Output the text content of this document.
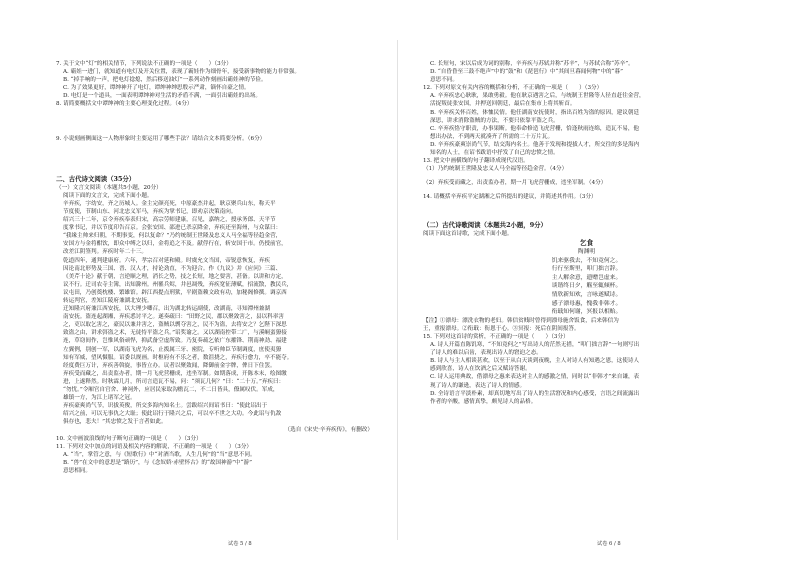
7. 关于文中“灯”的相关情节，下列说法不正确的一项是（　　）（3分）
A. 霸娃一进门，就知道有电灯及开关位置，表现了霸娃作为细骨年，接受新事物的能力非常强。
B. “掉手响的一声，把电灯捻熄，然后移送油灯”一系列动作刻画出霸娃神的节俭。
C. 为了效果更好，谭绅神开了电灯，谭绅神绅思殷示严肃，镝怀自豪之情。
D. 电灯是一个道具，一面表明谭绅神对生活的矛盾不满，一面引出霸娃的出场。
8. 请简要概括文中谭绅神的主要心理变化过程。（4分）
9. 小说刻画侧面这一人物形象时主要运用了哪些手法？请结合文本简要分析。（6分）
二、古代诗文阅读（35分）
（一）文言文阅读（本题共5小题，20分）
阅读下面的文言文，完成下面小题。
辛弃疾，字幼安，齐之历城人。金主完颜亮死，中原豪杰并起，耿京聚兵山东，称天平
节度使，节制山东、河北忠义军马，弃疾为掌书记，即劝京决策南向。
绍兴三十二年，京令弃疾奉表归宋，高宗劳师建康，召见，嘉纳之，授承务郎、天平节
度掌书记，并以节度印告召京。会张安国、邵进已杀京降金，弃疾还至海州，与众谋曰：
“我缘主帅来归朝，不期事变，何以复命？”乃约统制王世隆及忠义人马全福等径趋金营，
安国方与金将酣饮，即众中缚之以归，金将追之不及。献俘行在，斩安国于市。仍授前官，
改差江阴签判。弃疾时年二十三。
乾道四年，通判建康府。六年，孝宗召对延和殿。时虞允文当国，帝锐意恢复，弃疾
因论南北形势及三国、晋、汉人才，持论劲直，不为迎合。作《九议》并《应问》三篇、
《美芹十论》献于朝，言逆顺之理，消长之势，技之长短，地之要害，甚备。以讲和方定，
议不行。迁司农寺主簿，出知滁州。州罹兵烬，井邑凋残，弃疾宽征薄赋，招流散，教民兵，
议屯田，乃创奠枕楼、繁雄馆。辟江西提点刑狱，平剧盗赖文政有功，加秘阁修撰。调京西
转运判官，差知江陵府兼湖北安抚。
迁知隆兴府兼江西安抚，以大理少卿召，出为湖北转运副使，改湖南，寻知潭州兼湖
南安抚。盗连起湖湘，弃疾悉讨平之。遂奏疏曰：“田野之民，郡以聚敛害之，县以科率害
之，吏以取乞害之，豪民以兼并害之，盗贼以剽夺害之，民不为盗，去将安之？乞陛下深思
致盗之由，讲求弭盗之术，无徒恃平盗之兵。”诏奖谕之。又以湖南控带二广，与溪峒蛮獠接
连，草窃间作，岂惟风俗顽悍，抑武备空虚所致。乃复奏疏乞依广东摧锋、荆南神劲、福建
左翼例，别创一军，以湖南飞虎为名，止拨属三牙、密院，专听帅臣节制调度，庶使夷獠
知有军威，望风慑服。诏委以规画。时枢府有不乐之者，数沮挠之，弃疾行愈力，卒不能夺。
经度费巨万计，弃疾善斡旋，事皆立办。议者以聚敛闻，降御前金字牌，俾日下住罢。
弃疾受而藏之，出责监办者，期一月飞虎营栅成，违坐军制。如期落成，开陈本末，绘图缴
进，上遂释然。时秋霖几月，所司言造瓦不易，问：“须瓦几何？”曰：“二十万。”弃疾曰：
“勿忧。”令厢官自官舍、神祠外，应居民家取沟檐瓦二，不二日皆具，僚属叹伏。军成，
雄镇一方，为江上诸军之冠。
弃疾豪爽尚气节，识拔英俊，所交多海内知名士。尝跋绍兴间诏书曰：“使此诏出于
绍兴之前，可以无事仇之大耻；使此诏行于隆兴之后，可以卒不世之大功。今此诏与仇敌
俱存也，悲夫！”其忠愤之发于言者如此。
（选自《宋史·辛弃疾传》，有删改）
10. 文中画波浪线的句子断句正确的一项是（　　）（3分）
11. 下列对文中加点的词语及相关内容的解说，不正确的一项是（　　）（3分）
A. “当”，掌管之意，与《短歌行》中“对酒当歌，人生几何”的“当”意思不同。
B. “兽”在文中的意思是“路历”，与《念奴娇·赤壁怀古》的“故国神游”中“游”
意思相同。
试卷 5 / 8
C. 长短句，宋以后成为词的别称，辛弃疾与苏轼并称“苏辛”，与苏轼合称“苏辛”。
D. “自昏昏至三鼓不绝声”中的“鼓”和《琵琶行》中“其间旦暮闻何物”中的“暮”
意思不同。
12. 下列对原文有关内容的概括和分析，不正确的一项是（　　）（3分）
A. 辛弃疾忠心耿耿，果敢勇毅。他在耿京遇害之后，与统制王世隆等人径直赶往金营，
活捉叛徒张安国，并押送回朝廷，最后在集市上将其斩首。
B. 辛弃疾关怀百姓，体恤民情。他任湖南安抚使时，指出百姓为盗的原因，建议朝廷
深思，讲求消除盗贼的方法，不要只依靠平盗之兵。
C. 辛弃疾恪守职责，办事果断。他奉命修造飞虎营栅，恰逢秋雨连绵，造瓦不易，他
想出办法，不到两天就凑齐了所需的二十万片瓦。
D. 辛弃疾豪爽崇尚气节，结交海内名士。他善于发现和提拔人才，所交往的多是海内
知名的人士，在诏书跋语中抒发了自己的忠愤之情。
13. 把文中画横线的句子翻译成现代汉语。
（1）乃约统制王世隆及忠义人马全福等径趋金营。（4分）
（2）弃疾受而藏之，出责监办者，期一月飞虎营栅成，违坐军制。（4分）
14. 请概括辛弃疾平定湖湘之后所提出的建议，并简述其作用。（3分）
（二）古代诗歌阅读（本题共2小题，9分）
阅读下面这首诗歌，完成下面小题。
乞食
陶渊明
饥来驱我去，不知竟何之。
行行至斯里，叩门拙言辞。
主人解余意，遗赠岂虚来。
谈谐终日夕，觞至辄倾杯。
情欣新知欢，言咏遂赋诗。
感子漂母惠，愧我非韩才。
衔戢知何谢，冥报以相贻。
【注】①漂母：漂洗衣物的老妇。韩信贫贱时曾得到漂母施舍饭食，后来韩信为
王，重报漂母。②衔戢：衔恩于心。③冥报：死后在阴间报答。
15. 下列对这首诗的赏析，不正确的一项是（　　）（3分）
A. 诗人开篇直陈饥寒，“不知竟何之”写出诗人的茫然无措，“叩门拙言辞”一句则写出
了诗人的难以启齿，表现出诗人的窘迫之态。
B. 诗人与主人相谈甚欢，以至于从白天谈到夜晚，主人对诗人有知遇之恩，这使诗人
感到欣喜，诗人在饮酒之后又赋诗答谢。
C. 诗人运用典故，借漂母之惠来表达对主人的感激之情，同时以“非韩才”来自谦，表
现了诗人的谦逊，表达了诗人的情感。
D. 全诗语言平淡朴素，却真切地写出了诗人的生活窘况和内心感受，言语之间流露出
作者的辛酸，感情真挚，颇见诗人的品格。
试卷 6 / 8
